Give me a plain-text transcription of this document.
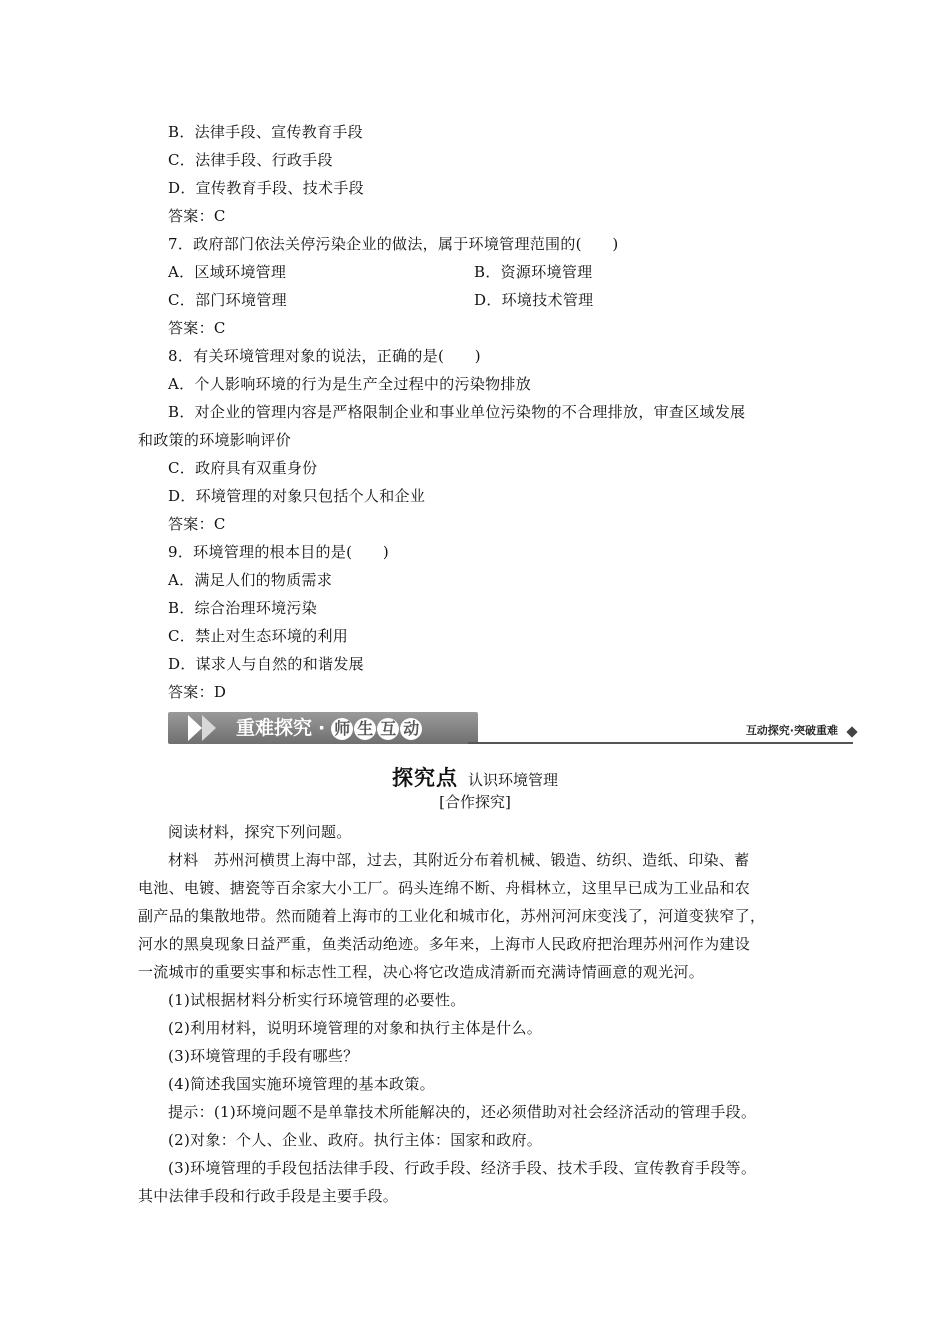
B．法律手段、宣传教育手段
C．法律手段、行政手段
D．宣传教育手段、技术手段
答案：C
7．政府部门依法关停污染企业的做法，属于环境管理范围的(　　)
A．区域环境管理	B．资源环境管理
C．部门环境管理	D．环境技术管理
答案：C
8．有关环境管理对象的说法，正确的是(　　)
A．个人影响环境的行为是生产全过程中的污染物排放
B．对企业的管理内容是严格限制企业和事业单位污染物的不合理排放，审查区域发展
和政策的环境影响评价
C．政府具有双重身份
D．环境管理的对象只包括个人和企业
答案：C
9．环境管理的根本目的是(　　)
A．满足人们的物质需求
B．综合治理环境污染
C．禁止对生态环境的利用
D．谋求人与自然的和谐发展
答案：D
重难探究 · 师 生 互 动	互动探究·突破重难
探究点 认识环境管理
[合作探究]
阅读材料，探究下列问题。
材料　苏州河横贯上海中部，过去，其附近分布着机械、锻造、纺织、造纸、印染、蓄
电池、电镀、搪瓷等百余家大小工厂。码头连绵不断、舟楫林立，这里早已成为工业品和农
副产品的集散地带。然而随着上海市的工业化和城市化，苏州河河床变浅了，河道变狭窄了，
河水的黑臭现象日益严重，鱼类活动绝迹。多年来，上海市人民政府把治理苏州河作为建设
一流城市的重要实事和标志性工程，决心将它改造成清新而充满诗情画意的观光河。
(1)试根据材料分析实行环境管理的必要性。
(2)利用材料，说明环境管理的对象和执行主体是什么。
(3)环境管理的手段有哪些？
(4)简述我国实施环境管理的基本政策。
提示：(1)环境问题不是单靠技术所能解决的，还必须借助对社会经济活动的管理手段。
(2)对象：个人、企业、政府。执行主体：国家和政府。
(3)环境管理的手段包括法律手段、行政手段、经济手段、技术手段、宣传教育手段等。
其中法律手段和行政手段是主要手段。
